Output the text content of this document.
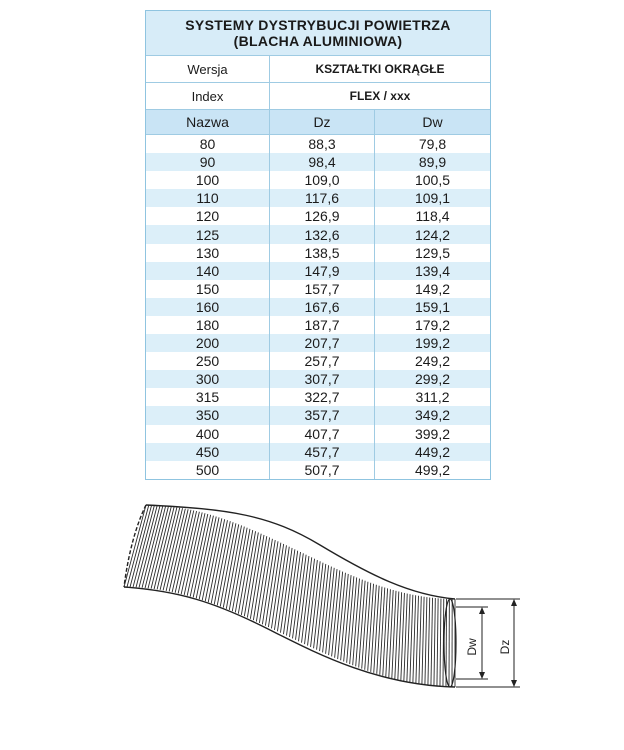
SYSTEMY DYSTRYBUCJI POWIETRZA
(BLACHA ALUMINIOWA)
Wersja	KSZTAŁTKI OKRĄGŁE
Index	FLEX / xxx
Nazwa	Dz	Dw
80	88,3	79,8
90	98,4	89,9
100	109,0	100,5
110	117,6	109,1
120	126,9	118,4
125	132,6	124,2
130	138,5	129,5
140	147,9	139,4
150	157,7	149,2
160	167,6	159,1
180	187,7	179,2
200	207,7	199,2
250	257,7	249,2
300	307,7	299,2
315	322,7	311,2
350	357,7	349,2
400	407,7	399,2
450	457,7	449,2
500	507,7	499,2
Dw Dz
